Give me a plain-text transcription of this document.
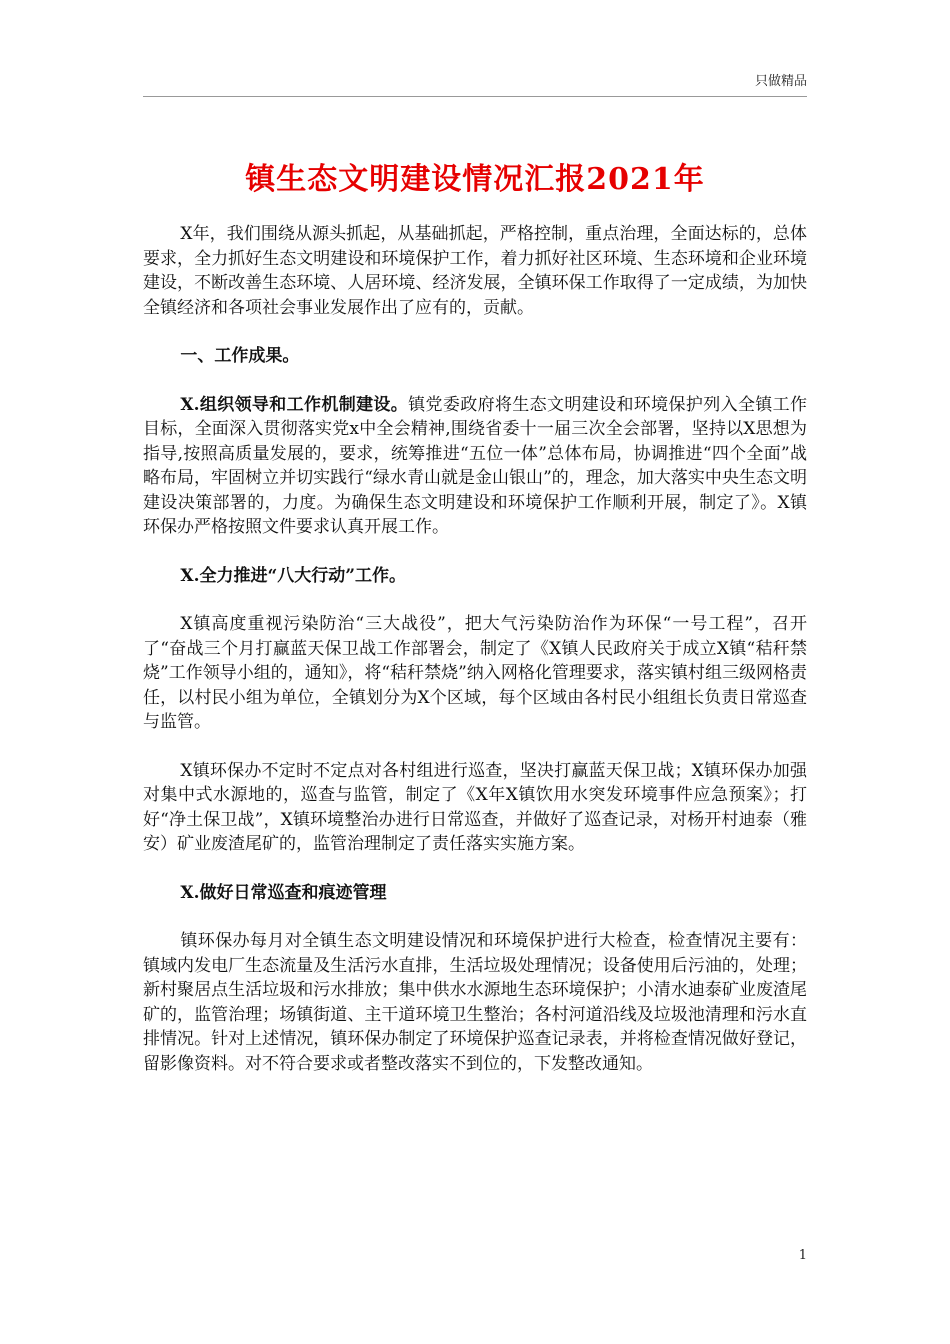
只做精品
镇生态文明建设情况汇报2021年

X年，我们围绕从源头抓起，从基础抓起，严格控制，重点治理，全面达标的，总体要求，全力抓好生态文明建设和环境保护工作，着力抓好社区环境、生态环境和企业环境建设，不断改善生态环境、人居环境、经济发展，全镇环保工作取得了一定成绩，为加快全镇经济和各项社会事业发展作出了应有的，贡献。

一、工作成果。

X.组织领导和工作机制建设。镇党委政府将生态文明建设和环境保护列入全镇工作目标，全面深入贯彻落实党x中全会精神,围绕省委十一届三次全会部署，坚持以X思想为指导,按照高质量发展的，要求，统筹推进“五位一体”总体布局，协调推进“四个全面”战略布局，牢固树立并切实践行“绿水青山就是金山银山”的，理念，加大落实中央生态文明建设决策部署的，力度。为确保生态文明建设和环境保护工作顺利开展，制定了》。X镇环保办严格按照文件要求认真开展工作。

X.全力推进“八大行动”工作。

X镇高度重视污染防治“三大战役”，把大气污染防治作为环保“一号工程”，召开了“奋战三个月打赢蓝天保卫战工作部署会，制定了《X镇人民政府关于成立X镇“秸秆禁烧”工作领导小组的，通知》，将“秸秆禁烧”纳入网格化管理要求，落实镇村组三级网格责任，以村民小组为单位，全镇划分为X个区域，每个区域由各村民小组组长负责日常巡查与监管。

X镇环保办不定时不定点对各村组进行巡查，坚决打赢蓝天保卫战；X镇环保办加强对集中式水源地的，巡查与监管，制定了《X年X镇饮用水突发环境事件应急预案》；打好“净土保卫战”，X镇环境整治办进行日常巡查，并做好了巡查记录，对杨开村迪泰（雅安）矿业废渣尾矿的，监管治理制定了责任落实实施方案。

X.做好日常巡查和痕迹管理

镇环保办每月对全镇生态文明建设情况和环境保护进行大检查，检查情况主要有：镇域内发电厂生态流量及生活污水直排，生活垃圾处理情况；设备使用后污油的，处理；新村聚居点生活垃圾和污水排放；集中供水水源地生态环境保护；小清水迪泰矿业废渣尾矿的，监管治理；场镇街道、主干道环境卫生整治；各村河道沿线及垃圾池清理和污水直排情况。针对上述情况，镇环保办制定了环境保护巡查记录表，并将检查情况做好登记，留影像资料。对不符合要求或者整改落实不到位的，下发整改通知。

1
